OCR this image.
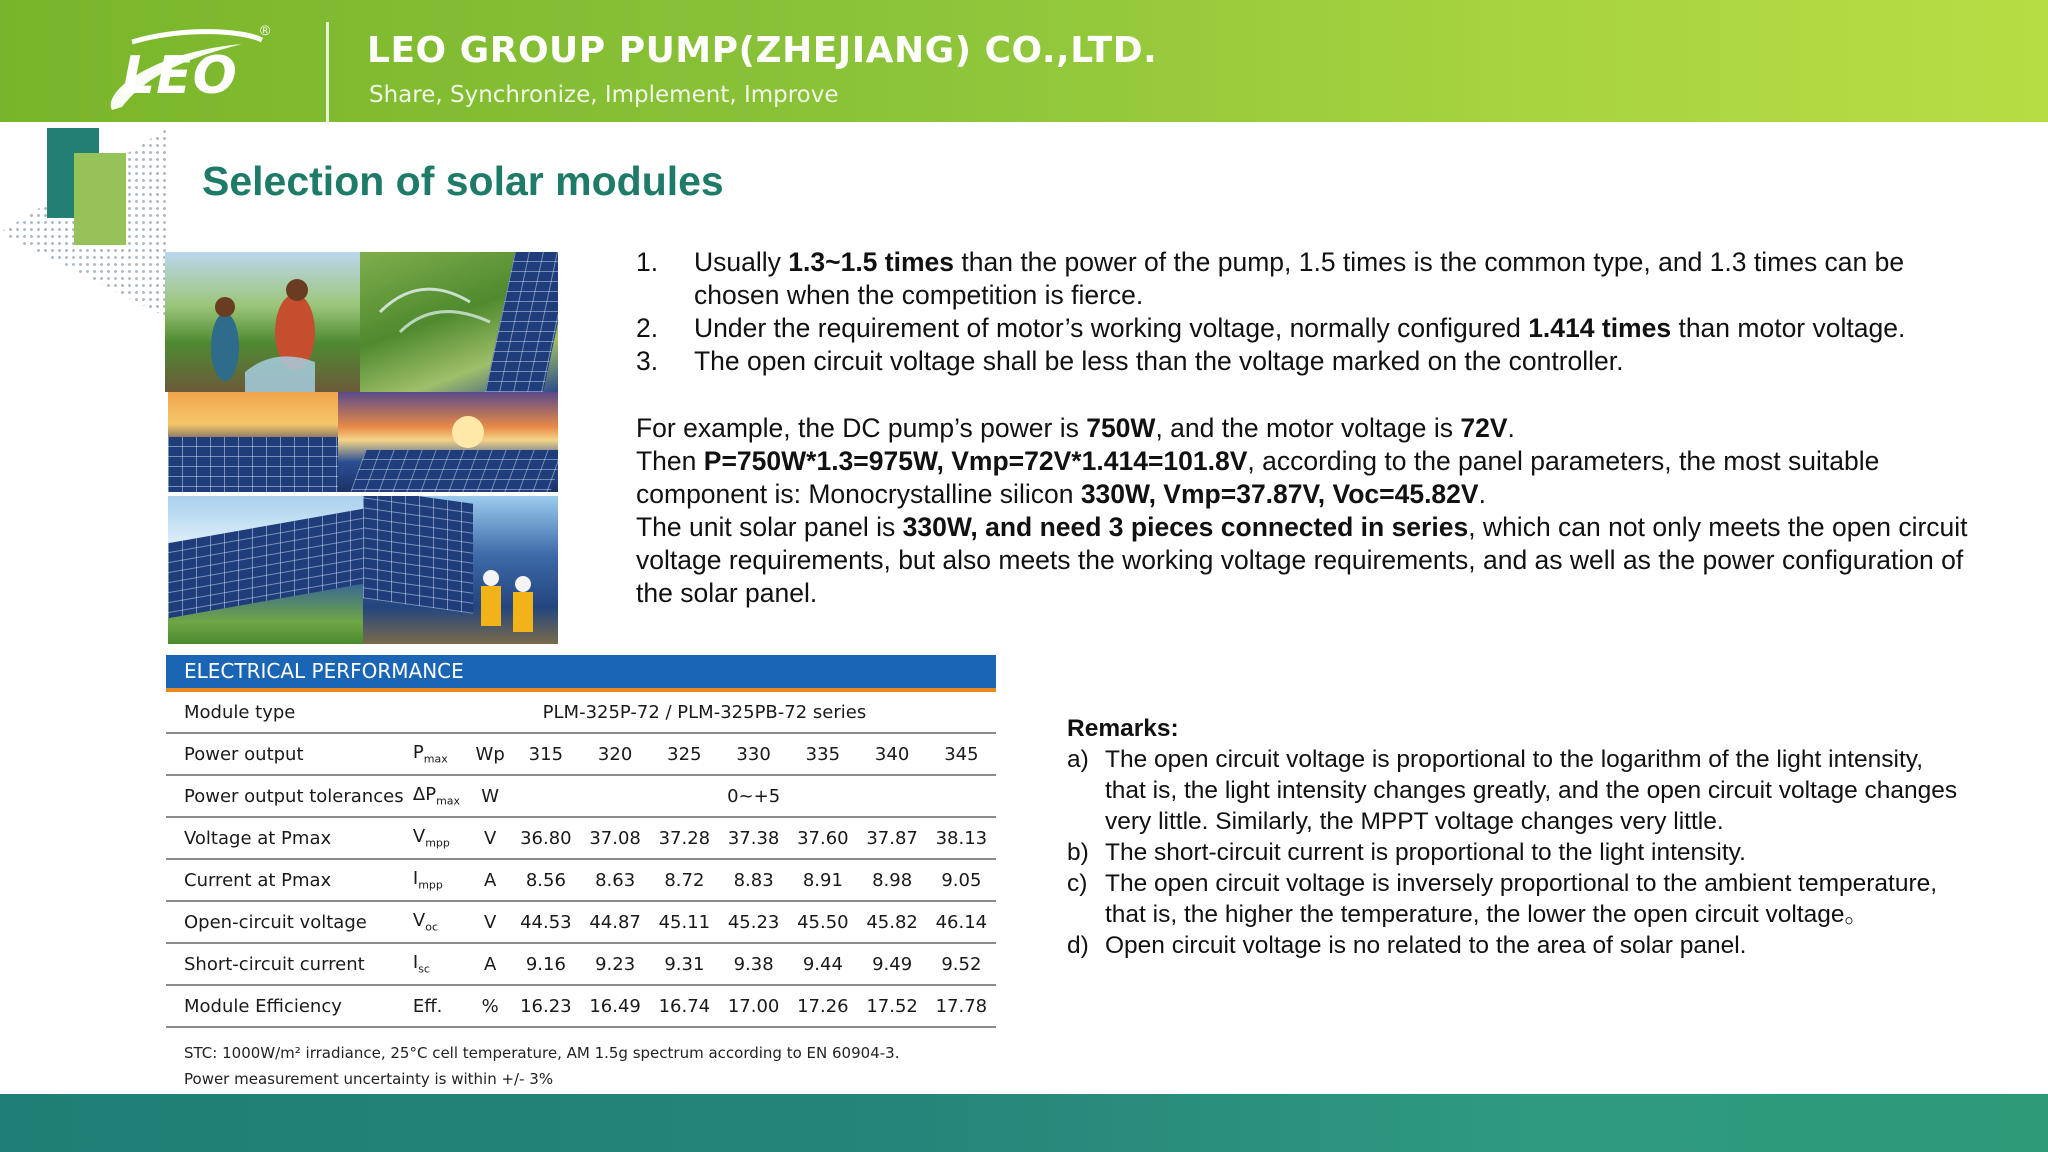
LEO
®	LEO GROUP PUMP(ZHEJIANG) CO.,LTD.
Share, Synchronize, Implement, Improve
Selection of solar modules
1. Usually 1.3~1.5 times than the power of the pump, 1.5 times is the common type, and 1.3 times can be chosen when the competition is fierce.
2. Under the requirement of motor’s working voltage, normally configured 1.414 times than motor voltage.
3. The open circuit voltage shall be less than the voltage marked on the controller.

For example, the DC pump’s power is 750W, and the motor voltage is 72V.

Then P=750W*1.3=975W, Vmp=72V*1.414=101.8V, according to the panel parameters, the most suitable component is: Monocrystalline silicon 330W, Vmp=37.87V, Voc=45.82V.

The unit solar panel is 330W, and need 3 pieces connected in series, which can not only meets the open circuit voltage requirements, but also meets the working voltage requirements, and as well as the power configuration of the solar panel.

ELECTRICAL PERFORMANCE
Module type	PLM-325P-72 / PLM-325PB-72 series								
Power output	$P_{max}$	Wp	315	320	325	330	335	340	345
Power output tolerances	$\Delta P_{max}$	W	0~+5						
Voltage at Pmax	$V_{mpp}$	V	36.80	37.08	37.28	37.38	37.60	37.87	38.13
Current at Pmax	$I_{mpp}$	A	8.56	8.63	8.72	8.83	8.91	8.98	9.05
Open-circuit voltage	$V_{oc}$	V	44.53	44.87	45.11	45.23	45.50	45.82	46.14
Short-circuit current	$I_{sc}$	A	9.16	9.23	9.31	9.38	9.44	9.49	9.52
Module Efficiency	Eff.	%	16.23	16.49	16.74	17.00	17.26	17.52	17.78
STC: 1000W/m² irradiance, 25°C cell temperature, AM 1.5g spectrum according to EN 60904-3.
Power measurement uncertainty is within +/- 3%
Remarks:
a) The open circuit voltage is proportional to the logarithm of the light intensity, that is, the light intensity changes greatly, and the open circuit voltage changes very little. Similarly, the MPPT voltage changes very little.
b) The short-circuit current is proportional to the light intensity.
c) The open circuit voltage is inversely proportional to the ambient temperature, that is, the higher the temperature, the lower the open circuit voltage。
d) Open circuit voltage is no related to the area of solar panel.
